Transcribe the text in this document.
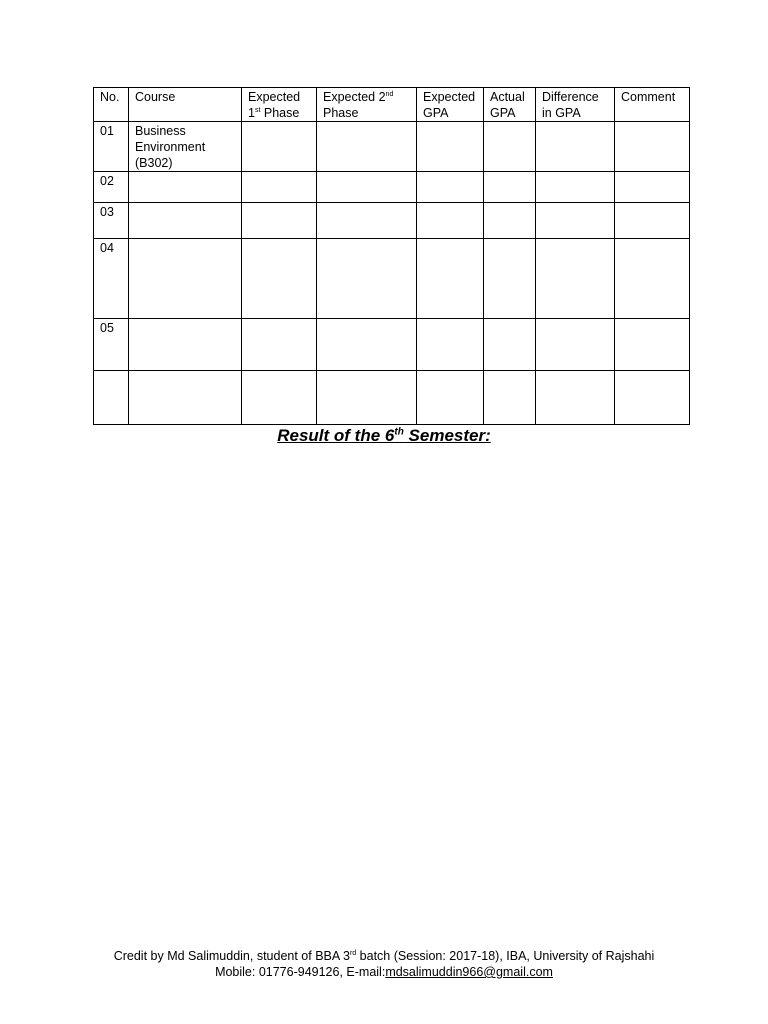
No.	Course	Expected 1st Phase	Expected 2nd Phase	Expected GPA	Actual GPA	Difference in GPA	Comment
01	Business Environment (B302)						
02							
03							
04							
05							

Result of the 6th Semester:
Credit by Md Salimuddin, student of BBA 3rd batch (Session: 2017-18), IBA, University of Rajshahi
Mobile: 01776-949126, E-mail:mdsalimuddin966@gmail.com
